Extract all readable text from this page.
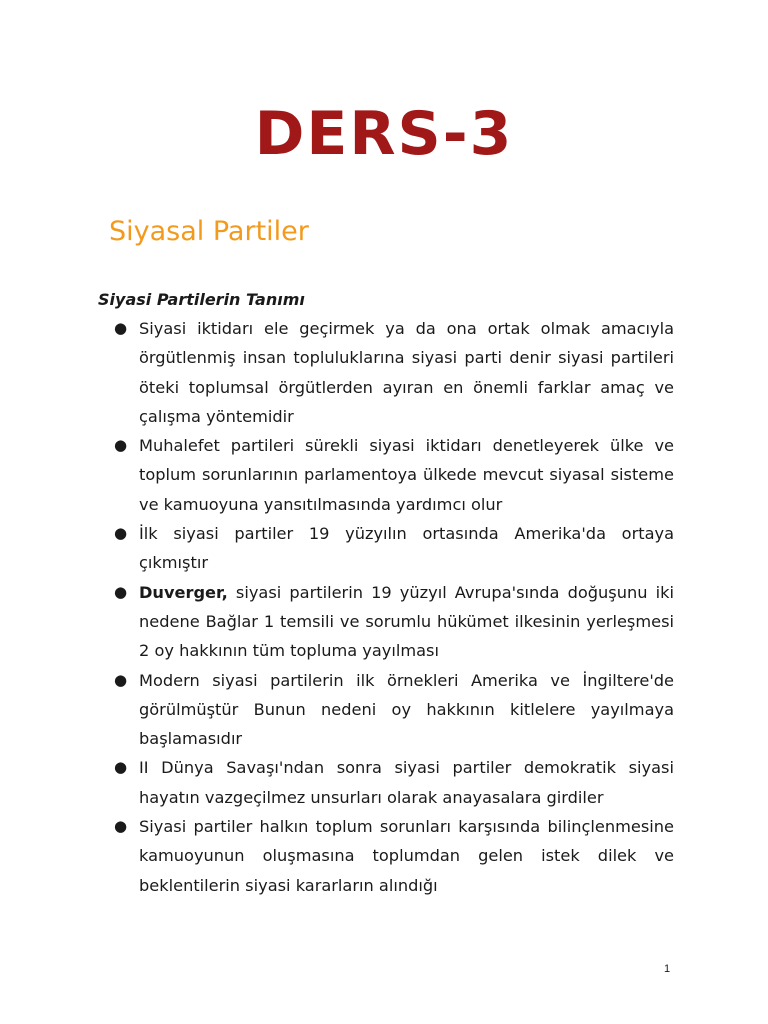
DERS-3
Siyasal Partiler
Siyasi Partilerin Tanımı
● Siyasi iktidarı ele geçirmek ya da ona ortak olmak amacıyla örgütlenmiş insan topluluklarına siyasi parti denir siyasi partileri öteki toplumsal örgütlerden ayıran en önemli farklar amaç ve çalışma yöntemidir
● Muhalefet partileri sürekli siyasi iktidarı denetleyerek ülke ve toplum sorunlarının parlamentoya ülkede mevcut siyasal sisteme ve kamuoyuna yansıtılmasında yardımcı olur
● İlk siyasi partiler 19 yüzyılın ortasında Amerika'da ortaya çıkmıştır
● Duverger, siyasi partilerin 19 yüzyıl Avrupa'sında doğuşunu iki nedene Bağlar 1 temsili ve sorumlu hükümet ilkesinin yerleşmesi 2 oy hakkının tüm topluma yayılması
● Modern siyasi partilerin ilk örnekleri Amerika ve İngiltere'de görülmüştür Bunun nedeni oy hakkının kitlelere yayılmaya başlamasıdır
● II Dünya Savaşı'ndan sonra siyasi partiler demokratik siyasi hayatın vazgeçilmez unsurları olarak anayasalara girdiler
● Siyasi partiler halkın toplum sorunları karşısında bilinçlenmesine kamuoyunun oluşmasına toplumdan gelen istek dilek ve beklentilerin siyasi kararların alındığı
1
